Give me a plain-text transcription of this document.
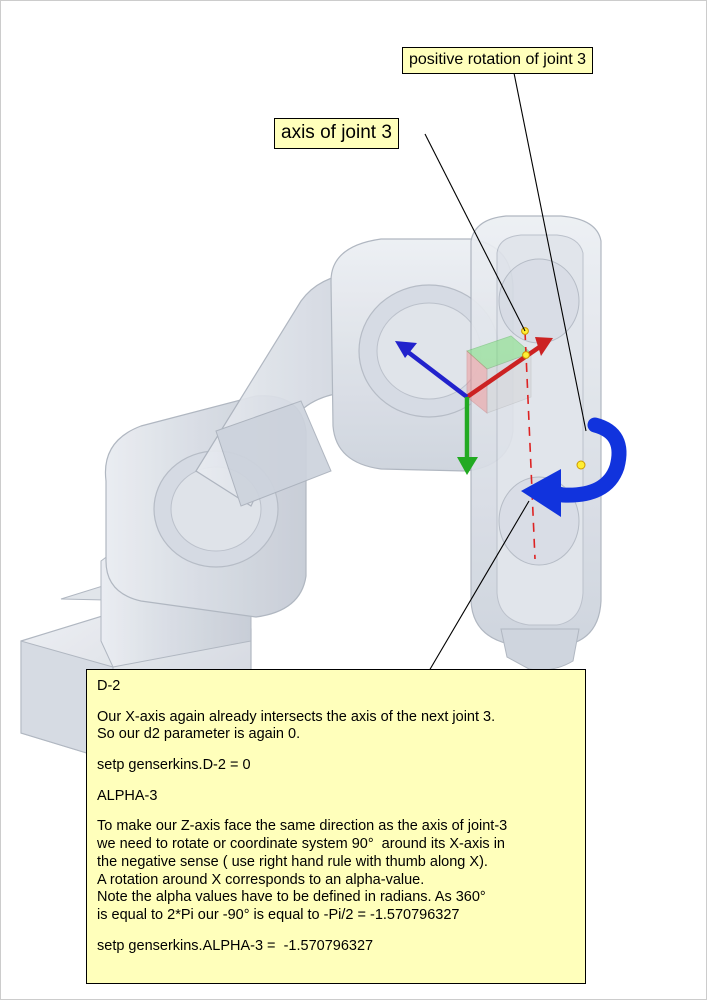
positive rotation of joint 3
axis of joint 3

D-2

Our X-axis again already intersects the axis of the next joint 3.

So our d2 parameter is again 0.

setp genserkins.D-2 = 0

ALPHA-3

To make our Z-axis face the same direction as the axis of joint-3

we need to rotate or coordinate system 90°  around its X-axis in

the negative sense ( use right hand rule with thumb along X).

A rotation around X corresponds to an alpha-value.

Note the alpha values have to be defined in radians. As 360°

is equal to 2*Pi our -90° is equal to -Pi/2 = -1.570796327

setp genserkins.ALPHA-3 =  -1.570796327
